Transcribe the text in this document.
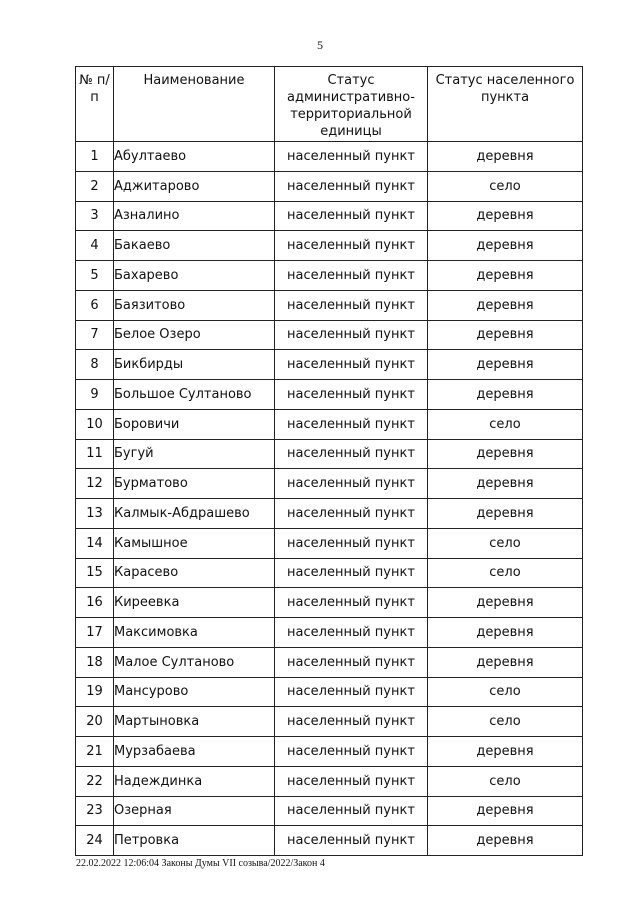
5
№ п/п	Наименование	Статус административно-территориальной единицы	Статус населенного пункта
1	Абултаево	населенный пункт	деревня
2	Аджитарово	населенный пункт	село
3	Азналино	населенный пункт	деревня
4	Бакаево	населенный пункт	деревня
5	Бахарево	населенный пункт	деревня
6	Баязитово	населенный пункт	деревня
7	Белое Озеро	населенный пункт	деревня
8	Бикбирды	населенный пункт	деревня
9	Большое Султаново	населенный пункт	деревня
10	Боровичи	населенный пункт	село
11	Бугуй	населенный пункт	деревня
12	Бурматово	населенный пункт	деревня
13	Калмык-Абдрашево	населенный пункт	деревня
14	Камышное	населенный пункт	село
15	Карасево	населенный пункт	село
16	Киреевка	населенный пункт	деревня
17	Максимовка	населенный пункт	деревня
18	Малое Султаново	населенный пункт	деревня
19	Мансурово	населенный пункт	село
20	Мартыновка	населенный пункт	село
21	Мурзабаева	населенный пункт	деревня
22	Надеждинка	населенный пункт	село
23	Озерная	населенный пункт	деревня
24	Петровка	населенный пункт	деревня
22.02.2022 12:06:04 Законы Думы VII созыва/2022/Закон 4
